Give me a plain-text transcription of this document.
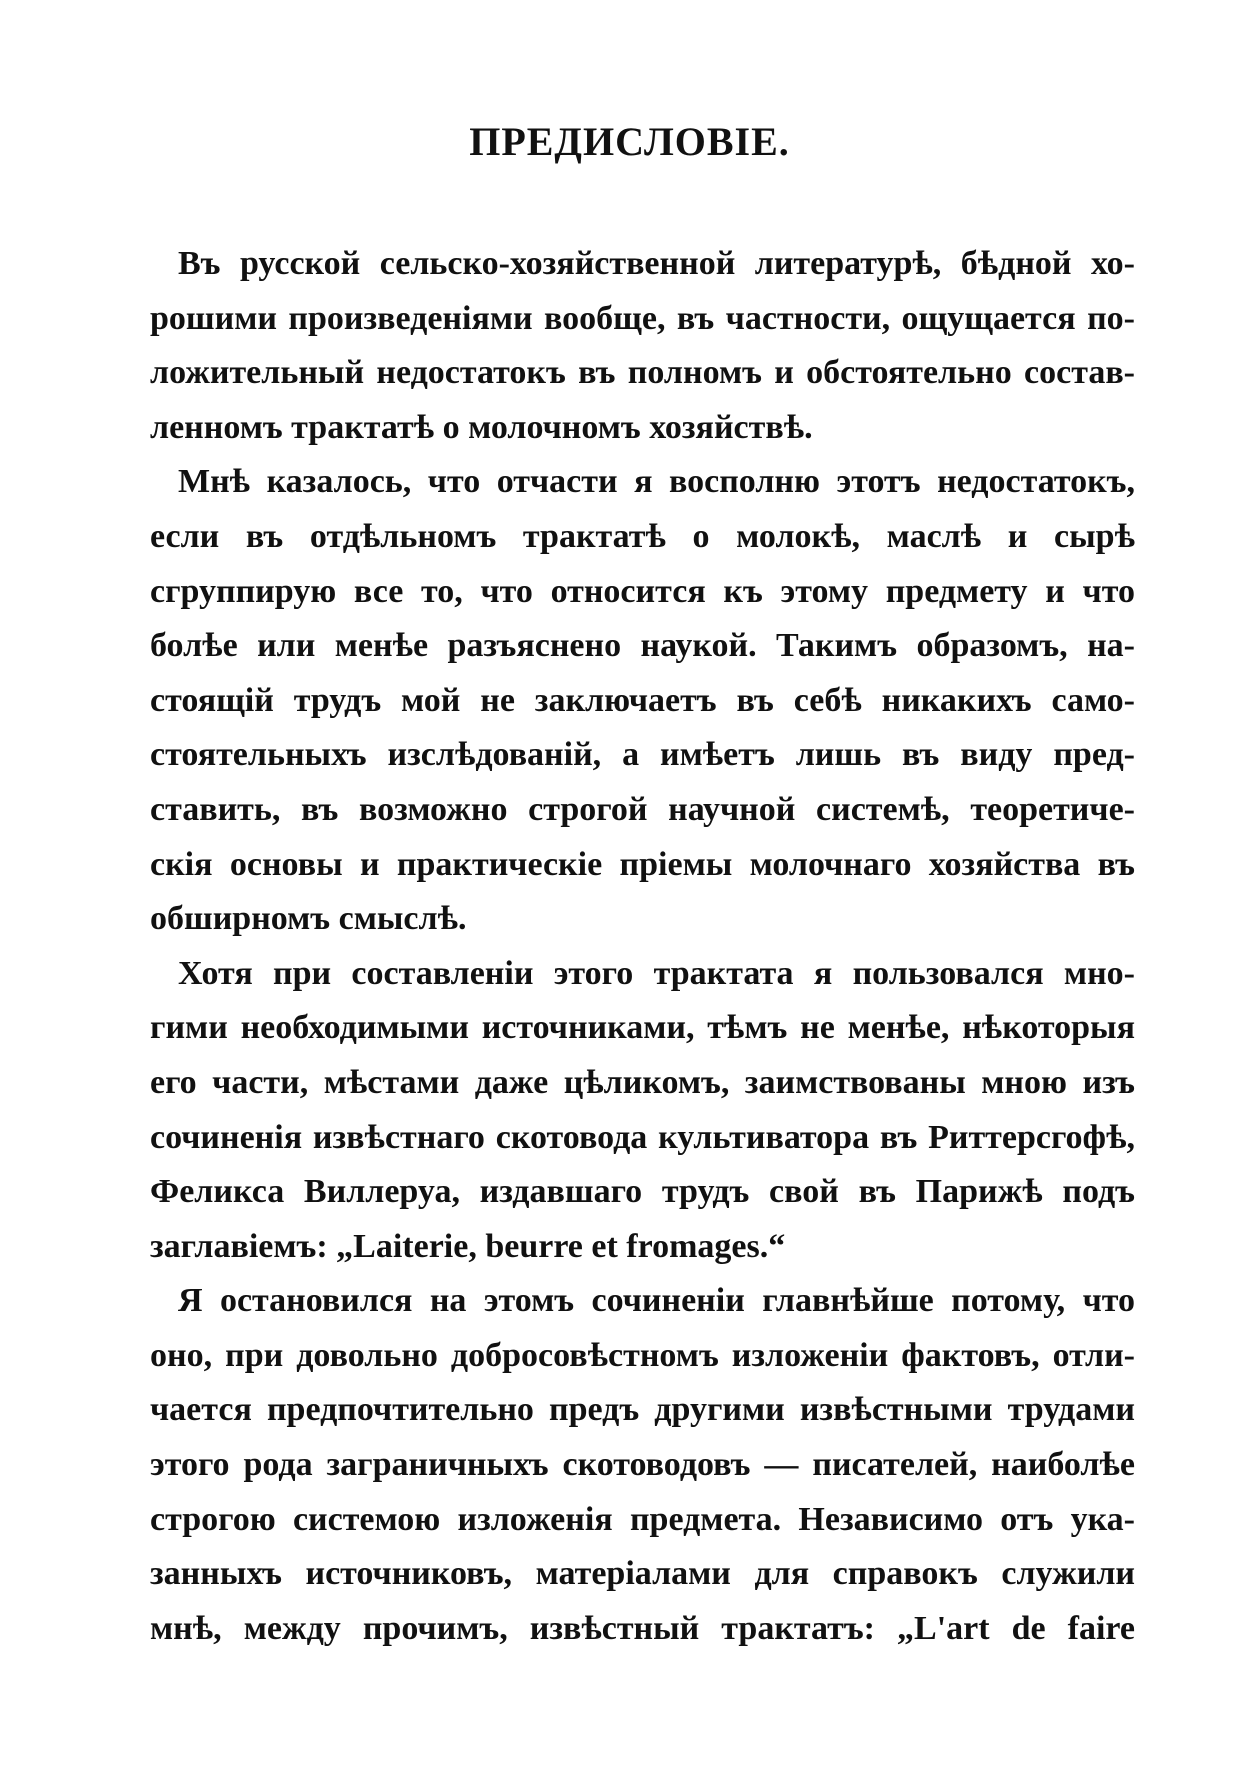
ПРЕДИСЛОВІЕ.
Въ русской сельско-хозяйственной литературѣ, бѣдной хо-
рошими произведеніями вообще, въ частности, ощущается по-
ложительный недостатокъ въ полномъ и обстоятельно состав-
ленномъ трактатѣ о молочномъ хозяйствѣ.
Мнѣ казалось, что отчасти я восполню этотъ недостатокъ,
если въ отдѣльномъ трактатѣ о молокѣ, маслѣ и сырѣ
сгруппирую все то, что относится къ этому предмету и что
болѣе или менѣе разъяснено наукой. Такимъ образомъ, на-
стоящій трудъ мой не заключаетъ въ себѣ никакихъ само-
стоятельныхъ изслѣдованій, а имѣетъ лишь въ виду пред-
ставить, въ возможно строгой научной системѣ, теоретиче-
скія основы и практическіе пріемы молочнаго хозяйства въ
обширномъ смыслѣ.
Хотя при составленіи этого трактата я пользовался мно-
гими необходимыми источниками, тѣмъ не менѣе, нѣкоторыя
его части, мѣстами даже цѣликомъ, заимствованы мною изъ
сочиненія извѣстнаго скотовода культиватора въ Риттерсгофѣ,
Феликса Виллеруа, издавшаго трудъ свой въ Парижѣ подъ
заглавіемъ: „Laiterie, beurre et fromages.“
Я остановился на этомъ сочиненіи главнѣйше потому, что
оно, при довольно добросовѣстномъ изложеніи фактовъ, отли-
чается предпочтительно предъ другими извѣстными трудами
этого рода заграничныхъ скотоводовъ — писателей, наиболѣе
строгою системою изложенія предмета. Независимо отъ ука-
занныхъ источниковъ, матеріалами для справокъ служили
мнѣ, между прочимъ, извѣстный трактатъ: „L'art de faire
